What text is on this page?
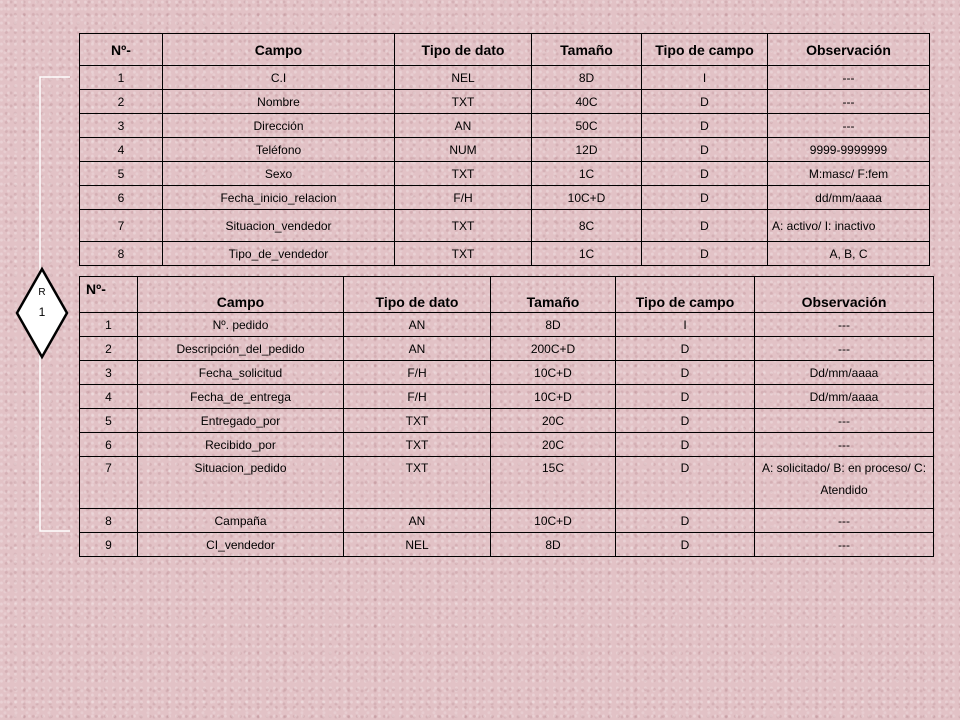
R
1
Nº-	Campo	Tipo de dato	Tamaño	Tipo de campo	Observación
1	C.I	NEL	8D	I	---
2	Nombre	TXT	40C	D	---
3	Dirección	AN	50C	D	---
4	Teléfono	NUM	12D	D	9999-9999999
5	Sexo	TXT	1C	D	M:masc/ F:fem
6	Fecha_inicio_relacion	F/H	10C+D	D	dd/mm/aaaa
7	Situacion_vendedor	TXT	8C	D	A: activo/ I: inactivo
8	Tipo_de_vendedor	TXT	1C	D	A, B, C
Nº-	Campo	Tipo de dato	Tamaño	Tipo de campo	Observación
1	Nº. pedido	AN	8D	I	---
2	Descripción_del_pedido	AN	200C+D	D	---
3	Fecha_solicitud	F/H	10C+D	D	Dd/mm/aaaa
4	Fecha_de_entrega	F/H	10C+D	D	Dd/mm/aaaa
5	Entregado_por	TXT	20C	D	---
6	Recibido_por	TXT	20C	D	---
7	Situacion_pedido	TXT	15C	D	A: solicitado/ B: en proceso/ C: Atendido
8	Campaña	AN	10C+D	D	---
9	CI_vendedor	NEL	8D	D	---
